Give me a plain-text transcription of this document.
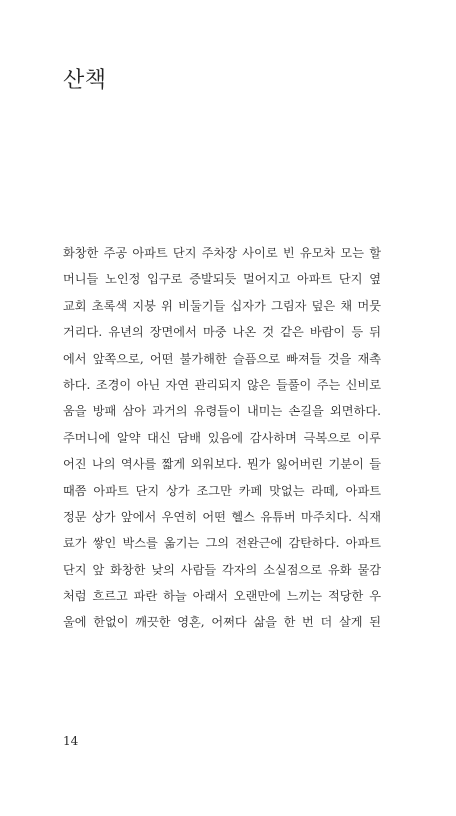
산책
화창한 주공 아파트 단지 주차장 사이로 빈 유모차 모는 할
머니들 노인정 입구로 증발되듯 멀어지고 아파트 단지 옆
교회 초록색 지붕 위 비둘기들 십자가 그림자 덮은 채 머뭇
거리다. 유년의 장면에서 마중 나온 것 같은 바람이 등 뒤
에서 앞쪽으로, 어떤 불가해한 슬픔으로 빠져들 것을 재촉
하다. 조경이 아닌 자연 관리되지 않은 들풀이 주는 신비로
움을 방패 삼아 과거의 유령들이 내미는 손길을 외면하다.
주머니에 알약 대신 담배 있음에 감사하며 극복으로 이루
어진 나의 역사를 짧게 외워보다. 뭔가 잃어버린 기분이 들
때쯤 아파트 단지 상가 조그만 카페 맛없는 라떼, 아파트
정문 상가 앞에서 우연히 어떤 헬스 유튜버 마주치다. 식재
료가 쌓인 박스를 옮기는 그의 전완근에 감탄하다. 아파트
단지 앞 화창한 낮의 사람들 각자의 소실점으로 유화 물감
처럼 흐르고 파란 하늘 아래서 오랜만에 느끼는 적당한 우
울에 한없이 깨끗한 영혼, 어쩌다 삶을 한 번 더 살게 된
14
